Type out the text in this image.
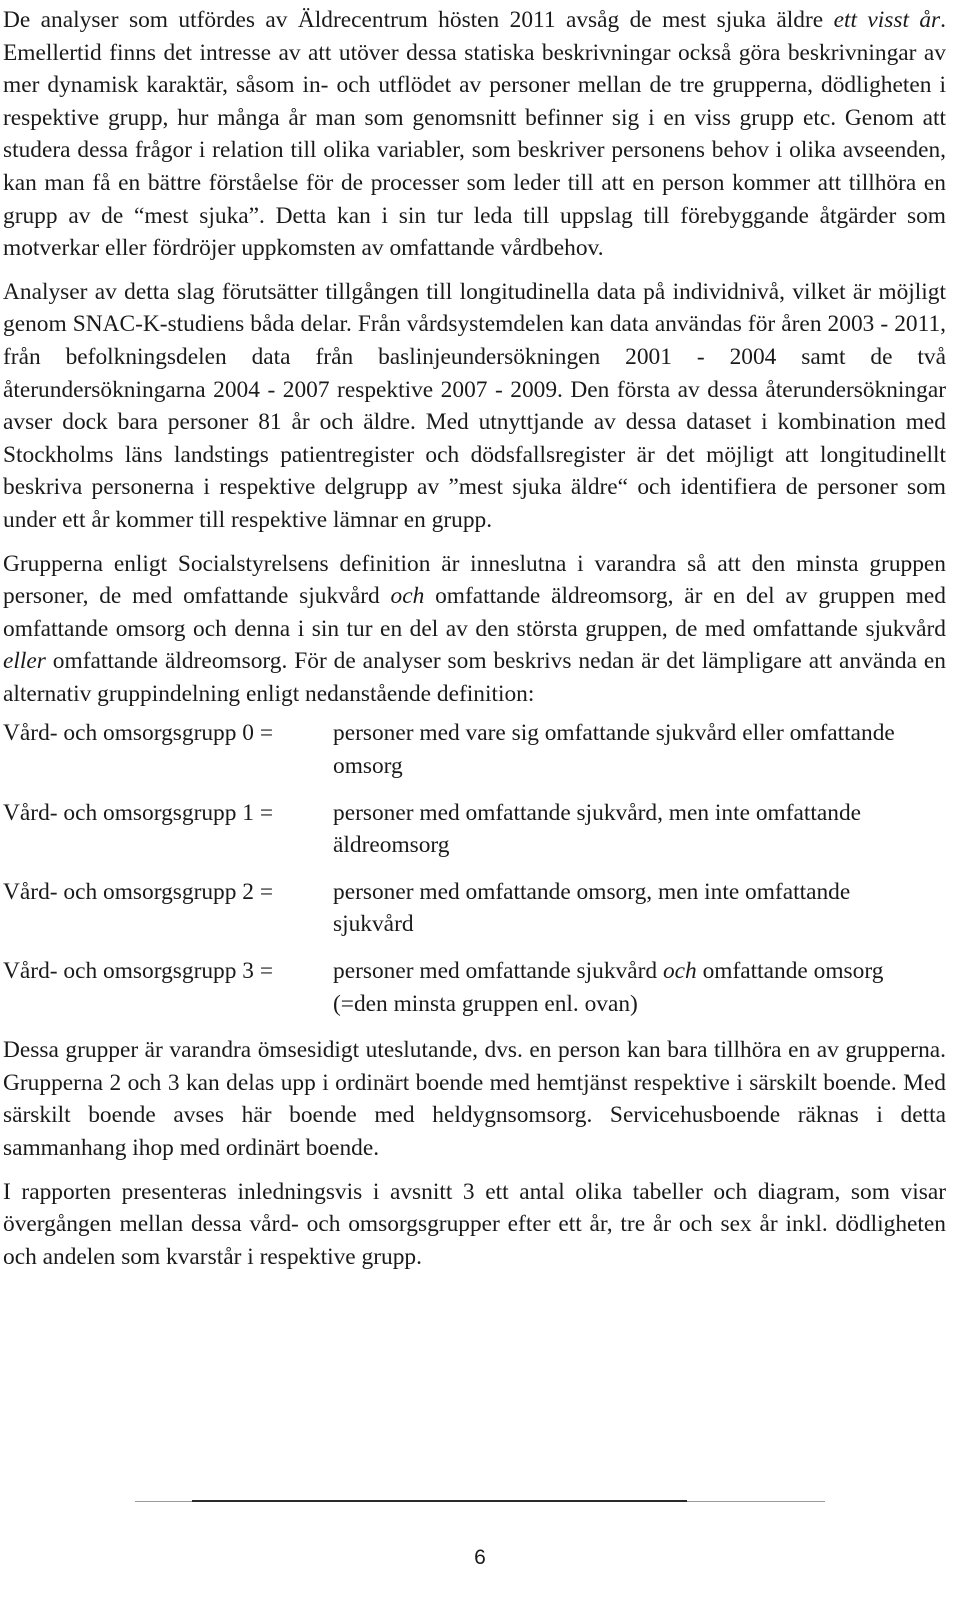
De analyser som utfördes av Äldrecentrum hösten 2011 avsåg de mest sjuka äldre ett visst år. Emellertid finns det intresse av att utöver dessa statiska beskrivningar också göra beskrivningar av mer dynamisk karaktär, såsom in- och utflödet av personer mellan de tre grupperna, dödligheten i respektive grupp, hur många år man som genomsnitt befinner sig i en viss grupp etc. Genom att studera dessa frågor i relation till olika variabler, som beskriver personens behov i olika avseenden, kan man få en bättre förståelse för de processer som leder till att en person kommer att tillhöra en grupp av de “mest sjuka”. Detta kan i sin tur leda till uppslag till förebyggande åtgärder som motverkar eller fördröjer uppkomsten av omfattande vårdbehov.

Analyser av detta slag förutsätter tillgången till longitudinella data på individnivå, vilket är möjligt genom SNAC-K-studiens båda delar. Från vårdsystemdelen kan data användas för åren 2003 - 2011, från befolkningsdelen data från baslinjeundersökningen 2001 - 2004 samt de två återundersökningarna 2004 - 2007 respektive 2007 - 2009. Den första av dessa återundersökningar avser dock bara personer 81 år och äldre. Med utnyttjande av dessa dataset i kombination med Stockholms läns landstings patientregister och dödsfallsregister är det möjligt att longitudinellt beskriva personerna i respektive delgrupp av ”mest sjuka äldre“ och identifiera de personer som under ett år kommer till respektive lämnar en grupp.

Grupperna enligt Socialstyrelsens definition är inneslutna i varandra så att den minsta gruppen personer, de med omfattande sjukvård och omfattande äldreomsorg, är en del av gruppen med omfattande omsorg och denna i sin tur en del av den största gruppen, de med omfattande sjukvård eller omfattande äldreomsorg. För de analyser som beskrivs nedan är det lämpligare att använda en alternativ gruppindelning enligt nedanstående definition:

Vård- och omsorgsgrupp 0 =	personer med vare sig omfattande sjukvård eller omfattande omsorg
Vård- och omsorgsgrupp 1 =	personer med omfattande sjukvård, men inte omfattande äldreomsorg
Vård- och omsorgsgrupp 2 =	personer med omfattande omsorg, men inte omfattande sjukvård
Vård- och omsorgsgrupp 3 =	personer med omfattande sjukvård och omfattande omsorg (=den minsta gruppen enl. ovan)

Dessa grupper är varandra ömsesidigt uteslutande, dvs. en person kan bara tillhöra en av grupperna. Grupperna 2 och 3 kan delas upp i ordinärt boende med hemtjänst respektive i särskilt boende. Med särskilt boende avses här boende med heldygnsomsorg. Servicehusboende räknas i detta sammanhang ihop med ordinärt boende.

I rapporten presenteras inledningsvis i avsnitt 3 ett antal olika tabeller och diagram, som visar övergången mellan dessa vård- och omsorgsgrupper efter ett år, tre år och sex år inkl. dödligheten och andelen som kvarstår i respektive grupp.

6
